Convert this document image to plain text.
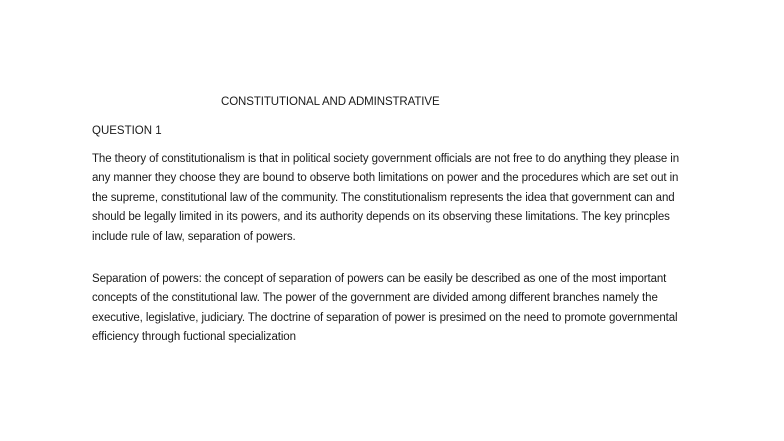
CONSTITUTIONAL AND ADMINSTRATIVE
QUESTION 1

The theory of constitutionalism is that in political society government officials are not free to do anything they please in any manner they choose they are bound to observe both limitations on power and the procedures which are set out in the supreme, constitutional law of the community. The constitutionalism represents the idea that government can and should be legally limited in its powers, and its authority depends on its observing these limitations. The key princples include rule of law, separation of powers.

Separation of powers: the concept of separation of powers can be easily be described as one of the most important concepts of the constitutional law. The power of the government are divided among different branches namely the executive, legislative, judiciary. The doctrine of separation of power is presimed on the need to promote governmental efficiency through fuctional specialization
